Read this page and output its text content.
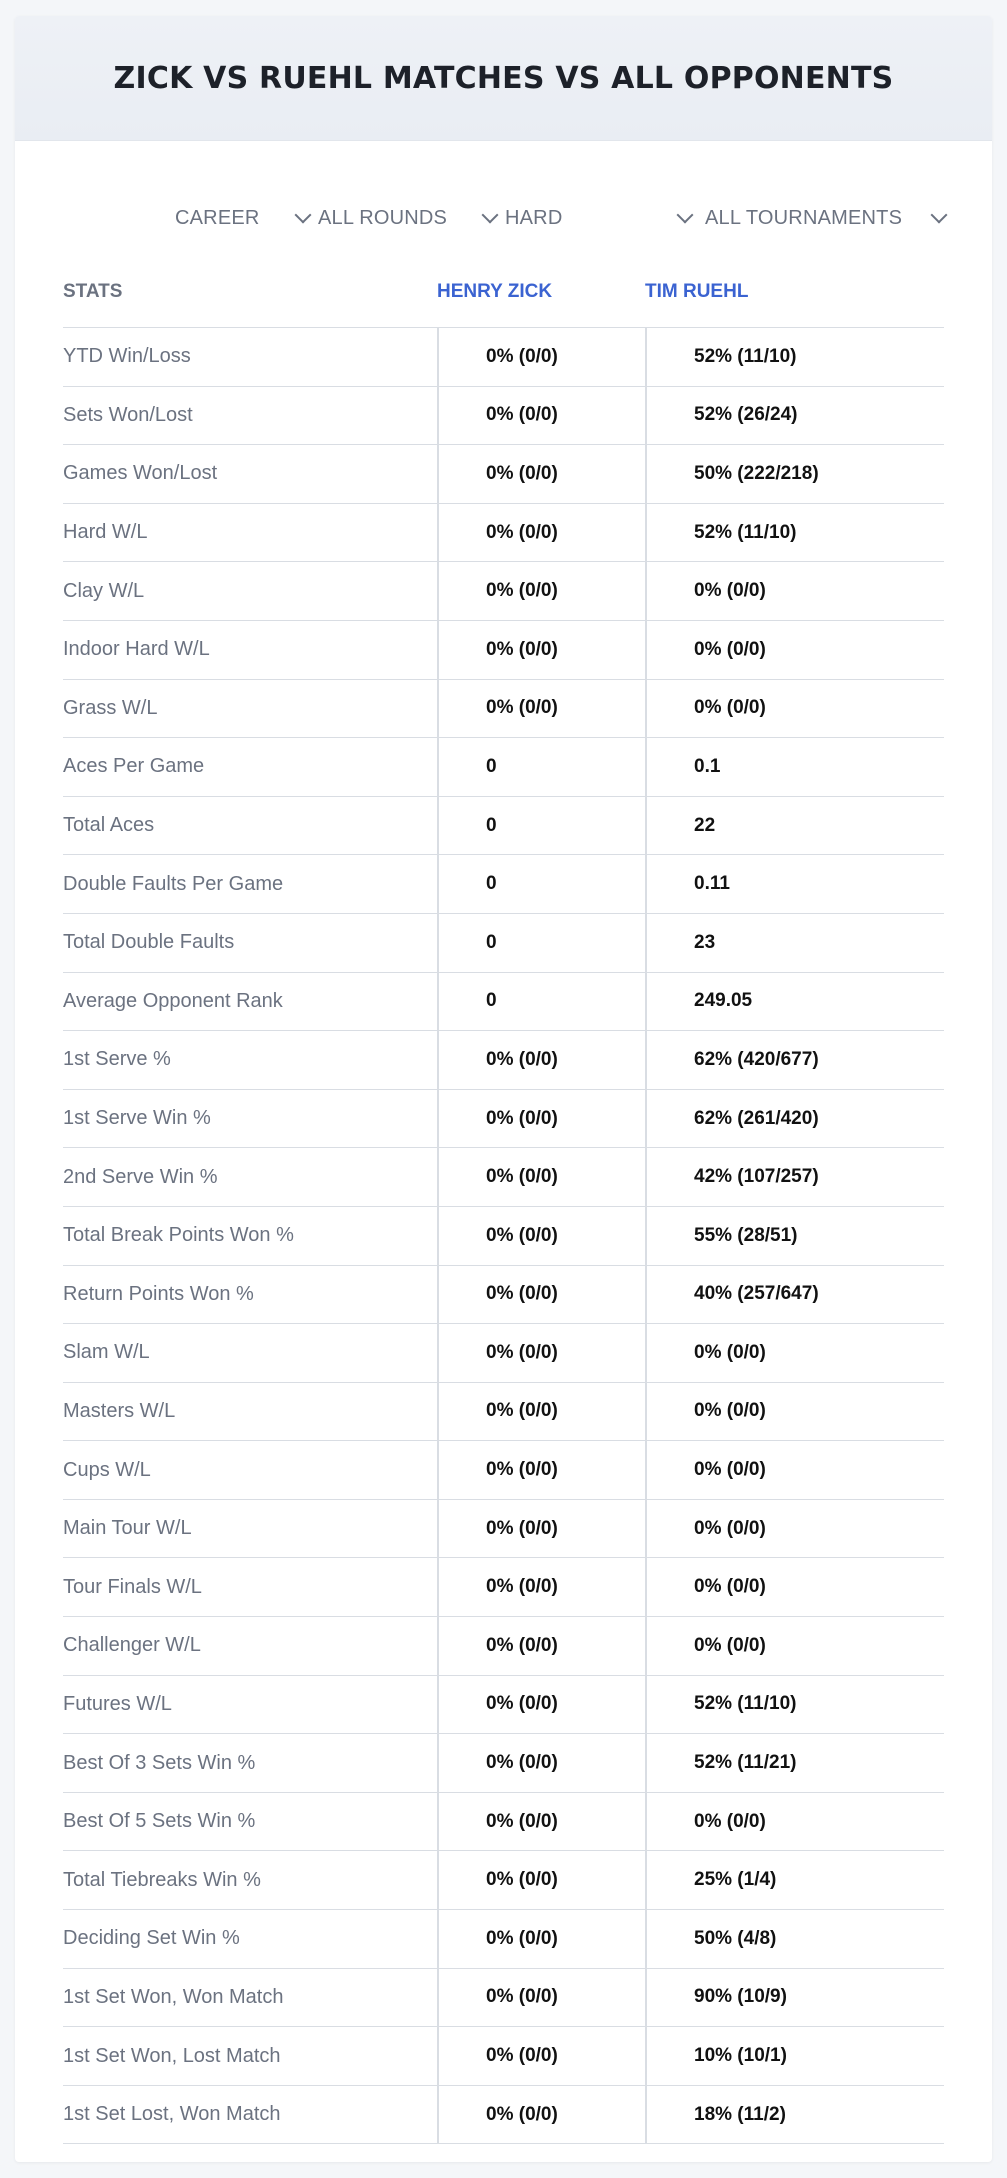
ZICK VS RUEHL MATCHES VS ALL OPPONENTS
CAREER	ALL ROUNDS	HARD	ALL TOURNAMENTS
STATS	HENRY ZICK	TIM RUEHL
YTD Win/Loss	0% (0/0)	52% (11/10)
Sets Won/Lost	0% (0/0)	52% (26/24)
Games Won/Lost	0% (0/0)	50% (222/218)
Hard W/L	0% (0/0)	52% (11/10)
Clay W/L	0% (0/0)	0% (0/0)
Indoor Hard W/L	0% (0/0)	0% (0/0)
Grass W/L	0% (0/0)	0% (0/0)
Aces Per Game	0	0.1
Total Aces	0	22
Double Faults Per Game	0	0.11
Total Double Faults	0	23
Average Opponent Rank	0	249.05
1st Serve %	0% (0/0)	62% (420/677)
1st Serve Win %	0% (0/0)	62% (261/420)
2nd Serve Win %	0% (0/0)	42% (107/257)
Total Break Points Won %	0% (0/0)	55% (28/51)
Return Points Won %	0% (0/0)	40% (257/647)
Slam W/L	0% (0/0)	0% (0/0)
Masters W/L	0% (0/0)	0% (0/0)
Cups W/L	0% (0/0)	0% (0/0)
Main Tour W/L	0% (0/0)	0% (0/0)
Tour Finals W/L	0% (0/0)	0% (0/0)
Challenger W/L	0% (0/0)	0% (0/0)
Futures W/L	0% (0/0)	52% (11/10)
Best Of 3 Sets Win %	0% (0/0)	52% (11/21)
Best Of 5 Sets Win %	0% (0/0)	0% (0/0)
Total Tiebreaks Win %	0% (0/0)	25% (1/4)
Deciding Set Win %	0% (0/0)	50% (4/8)
1st Set Won, Won Match	0% (0/0)	90% (10/9)
1st Set Won, Lost Match	0% (0/0)	10% (10/1)
1st Set Lost, Won Match	0% (0/0)	18% (11/2)
